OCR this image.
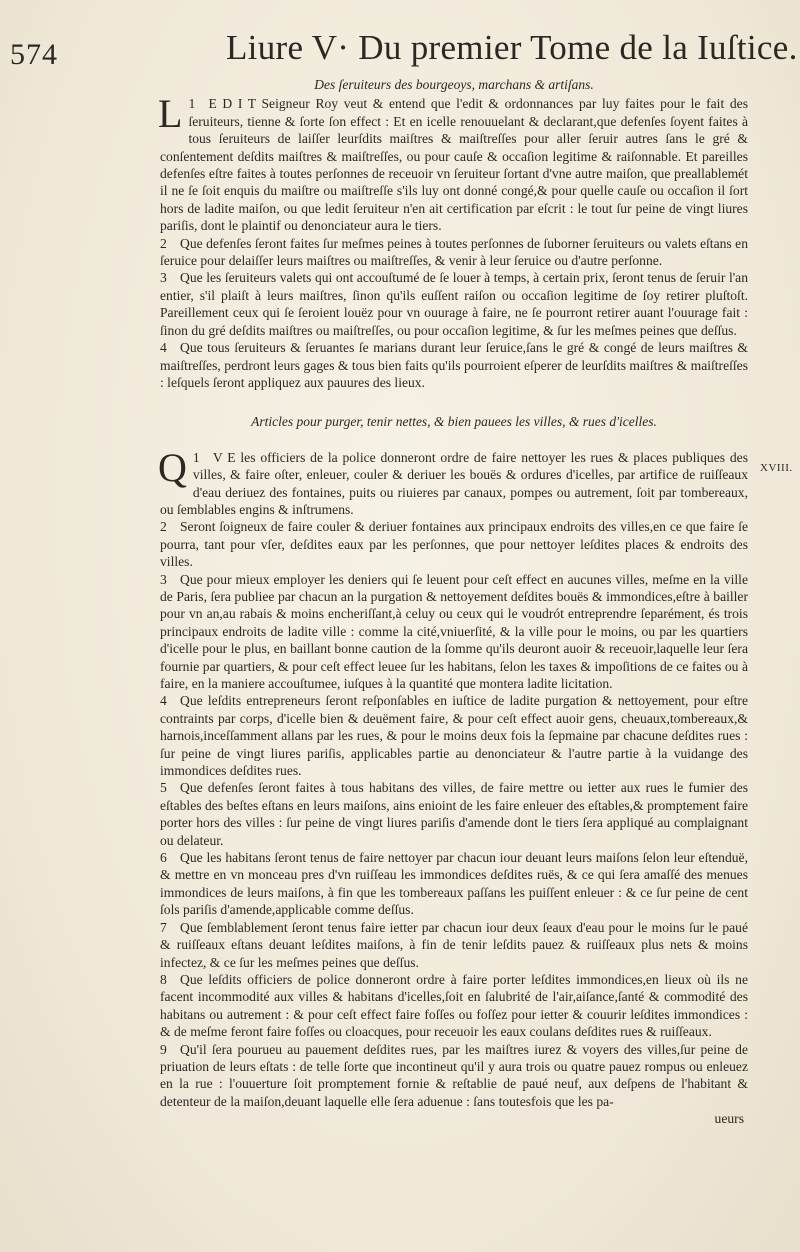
574	Liure V· Du premier Tome de la Iuſtice.
XVIII.
Des ſeruiteurs des bourgeoys, marchans & artiſans.

1
L E D I T Seigneur Roy veut & entend que l'edit & ordonnances par luy faites pour le fait des ſeruiteurs, tienne & ſorte ſon effect : Et en icelle renouuelant & declarant,que defenſes ſoyent faites à tous ſeruiteurs de laiſſer leurſdits maiſtres & maiſtreſſes pour aller ſeruir autres ſans le gré & conſentement deſdits maiſtres & maiſtreſſes, ou pour cauſe & occaſion legitime & raiſonnable. Et pareilles defenſes eſtre faites à toutes perſonnes de receuoir vn ſeruiteur ſortant d'vne autre maiſon, que preallablemét il ne ſe ſoit enquis du maiſtre ou maiſtreſſe s'ils luy ont donné congé,& pour quelle cauſe ou occaſion il ſort hors de ladite maiſon, ou que ledit ſeruiteur n'en ait certification par eſcrit : le tout ſur peine de vingt liures pariſis, dont le plaintif ou denonciateur aura le tiers.

2 Que defenſes ſeront faites ſur meſmes peines à toutes perſonnes de ſuborner ſeruiteurs ou valets eſtans en ſeruice pour delaiſſer leurs maiſtres ou maiſtreſſes, & venir à leur ſeruice ou d'autre perſonne.

3 Que les ſeruiteurs valets qui ont accouſtumé de ſe louer à temps, à certain prix, ſeront tenus de ſeruir l'an entier, s'il plaiſt à leurs maiſtres, ſinon qu'ils euſſent raiſon ou occaſion legitime de ſoy retirer pluſtoſt. Pareillement ceux qui ſe ſeroient louëz pour vn ouurage à faire, ne ſe pourront retirer auant l'ouurage fait : ſinon du gré deſdits maiſtres ou maiſtreſſes, ou pour occaſion legitime, & ſur les meſmes peines que deſſus.

4 Que tous ſeruiteurs & ſeruantes ſe marians durant leur ſeruice,ſans le gré & congé de leurs maiſtres & maiſtreſſes, perdront leurs gages & tous bien faits qu'ils pourroient eſperer de leurſdits maiſtres & maiſtreſſes : leſquels ſeront appliquez aux pauures des lieux.

Articles pour purger, tenir nettes, & bien pauees les villes, & rues d'icelles.

1
Q V E les officiers de la police donneront ordre de faire nettoyer les rues & places publiques des villes, & faire oſter, enleuer, couler & deriuer les bouës & ordures d'icelles, par artifice de ruiſſeaux d'eau deriuez des fontaines, puits ou riuieres par canaux, pompes ou autrement, ſoit par tombereaux, ou ſemblables engins & inſtrumens.

2 Seront ſoigneux de faire couler & deriuer fontaines aux principaux endroits des villes,en ce que faire ſe pourra, tant pour vſer, deſdites eaux par les perſonnes, que pour nettoyer leſdites places & endroits des villes.

3 Que pour mieux employer les deniers qui ſe leuent pour ceſt effect en aucunes villes, meſme en la ville de Paris, ſera publiee par chacun an la purgation & nettoyement deſdites bouës & immondices,eſtre à bailler pour vn an,au rabais & moins encheriſſant,à celuy ou ceux qui le voudrót entreprendre ſeparément, és trois principaux endroits de ladite ville : comme la cité,vniuerſité, & la ville pour le moins, ou par les quartiers d'icelle pour le plus, en baillant bonne caution de la ſomme qu'ils deuront auoir & receuoir,laquelle leur ſera fournie par quartiers, & pour ceſt effect leuee ſur les habitans, ſelon les taxes & impoſitions de ce faites ou à faire, en la maniere accouſtumee, iuſques à la quantité que montera ladite licitation.

4 Que leſdits entrepreneurs ſeront reſponſables en iuſtice de ladite purgation & nettoyement, pour eſtre contraints par corps, d'icelle bien & deuëment faire, & pour ceſt effect auoir gens, cheuaux,tombereaux,& harnois,inceſſamment allans par les rues, & pour le moins deux fois la ſepmaine par chacune deſdites rues : ſur peine de vingt liures pariſis, applicables partie au denonciateur & l'autre partie à la vuidange des immondices deſdites rues.

5 Que defenſes ſeront faites à tous habitans des villes, de faire mettre ou ietter aux rues le fumier des eſtables des beſtes eſtans en leurs maiſons, ains enioint de les faire enleuer des eſtables,& promptement faire porter hors des villes : ſur peine de vingt liures pariſis d'amende dont le tiers ſera appliqué au complaignant ou delateur.

6 Que les habitans ſeront tenus de faire nettoyer par chacun iour deuant leurs maiſons ſelon leur eſtenduë, & mettre en vn monceau pres d'vn ruiſſeau les immondices deſdites ruës, & ce qui ſera amaſſé des menues immondices de leurs maiſons, à fin que les tombereaux paſſans les puiſſent enleuer : & ce ſur peine de cent ſols pariſis d'amende,applicable comme deſſus.

7 Que ſemblablement ſeront tenus faire ietter par chacun iour deux ſeaux d'eau pour le moins ſur le paué & ruiſſeaux eſtans deuant leſdites maiſons, à fin de tenir leſdits pauez & ruiſſeaux plus nets & moins infectez, & ce ſur les meſmes peines que deſſus.

8 Que leſdits officiers de police donneront ordre à faire porter leſdites immondices,en lieux où ils ne facent incommodité aux villes & habitans d'icelles,ſoit en ſalubrité de l'air,aiſance,ſanté & commodité des habitans ou autrement : & pour ceſt effect faire foſſes ou foſſez pour ietter & couurir leſdites immondices : & de meſme feront faire foſſes ou cloacques, pour receuoir les eaux coulans deſdites rues & ruiſſeaux.

9 Qu'il ſera pourueu au pauement deſdites rues, par les maiſtres iurez & voyers des villes,ſur peine de priuation de leurs eſtats : de telle ſorte que incontineut qu'il y aura trois ou quatre pauez rompus ou enleuez en la rue : l'ouuerture ſoit promptement fornie & reſtablie de paué neuf, aux deſpens de l'habitant & detenteur de la maiſon,deuant laquelle elle ſera aduenue : ſans toutesfois que les pa-

ueurs
